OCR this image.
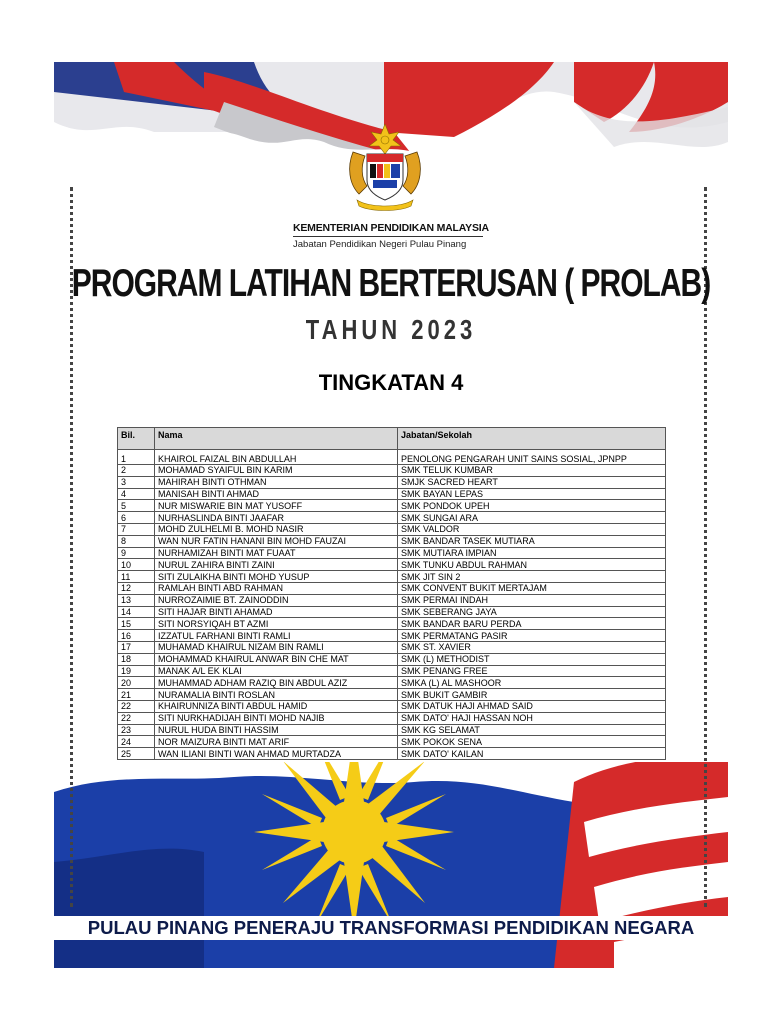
KEMENTERIAN PENDIDIKAN MALAYSIA
Jabatan Pendidikan Negeri Pulau Pinang
PROGRAM LATIHAN BERTERUSAN ( PROLAB)
TAHUN 2023
TINGKATAN 4
Bil.	Nama	Jabatan/Sekolah
1	KHAIROL FAIZAL BIN ABDULLAH	PENOLONG PENGARAH UNIT SAINS SOSIAL, JPNPP
2	MOHAMAD SYAIFUL BIN KARIM	SMK TELUK KUMBAR
3	MAHIRAH BINTI OTHMAN	SMJK SACRED HEART
4	MANISAH BINTI AHMAD	SMK BAYAN LEPAS
5	NUR MISWARIE BIN MAT YUSOFF	SMK PONDOK UPEH
6	NURHASLINDA BINTI JAAFAR	SMK SUNGAI ARA
7	MOHD ZULHELMI B. MOHD NASIR	SMK VALDOR
8	WAN NUR FATIN HANANI BIN MOHD FAUZAI	SMK BANDAR TASEK MUTIARA
9	NURHAMIZAH BINTI MAT FUAAT	SMK MUTIARA IMPIAN
10	NURUL ZAHIRA BINTI ZAINI	SMK TUNKU ABDUL RAHMAN
11	SITI ZULAIKHA BINTI MOHD YUSUP	SMK JIT SIN 2
12	RAMLAH BINTI ABD RAHMAN	SMK CONVENT BUKIT MERTAJAM
13	NURROZAIMIE BT. ZAINODDIN	SMK PERMAI INDAH
14	SITI HAJAR BINTI AHAMAD	SMK SEBERANG JAYA
15	SITI NORSYIQAH BT AZMI	SMK BANDAR BARU PERDA
16	IZZATUL FARHANI BINTI RAMLI	SMK PERMATANG PASIR
17	MUHAMAD KHAIRUL NIZAM BIN RAMLI	SMK ST. XAVIER
18	MOHAMMAD KHAIRUL ANWAR BIN CHE MAT	SMK (L) METHODIST
19	MANAK A/L EK KLAI	SMK PENANG FREE
20	MUHAMMAD ADHAM RAZIQ BIN ABDUL AZIZ	SMKA (L) AL MASHOOR
21	NURAMALIA BINTI ROSLAN	SMK BUKIT GAMBIR
22	KHAIRUNNIZA BINTI ABDUL HAMID	SMK DATUK HAJI AHMAD SAID
22	SITI NURKHADIJAH BINTI MOHD NAJIB	SMK DATO' HAJI HASSAN NOH
23	NURUL HUDA BINTI HASSIM	SMK KG SELAMAT
24	NOR MAIZURA BINTI MAT ARIF	SMK POKOK SENA
25	WAN ILIANI BINTI WAN AHMAD MURTADZA	SMK DATO' KAILAN
PULAU PINANG PENERAJU TRANSFORMASI PENDIDIKAN NEGARA
